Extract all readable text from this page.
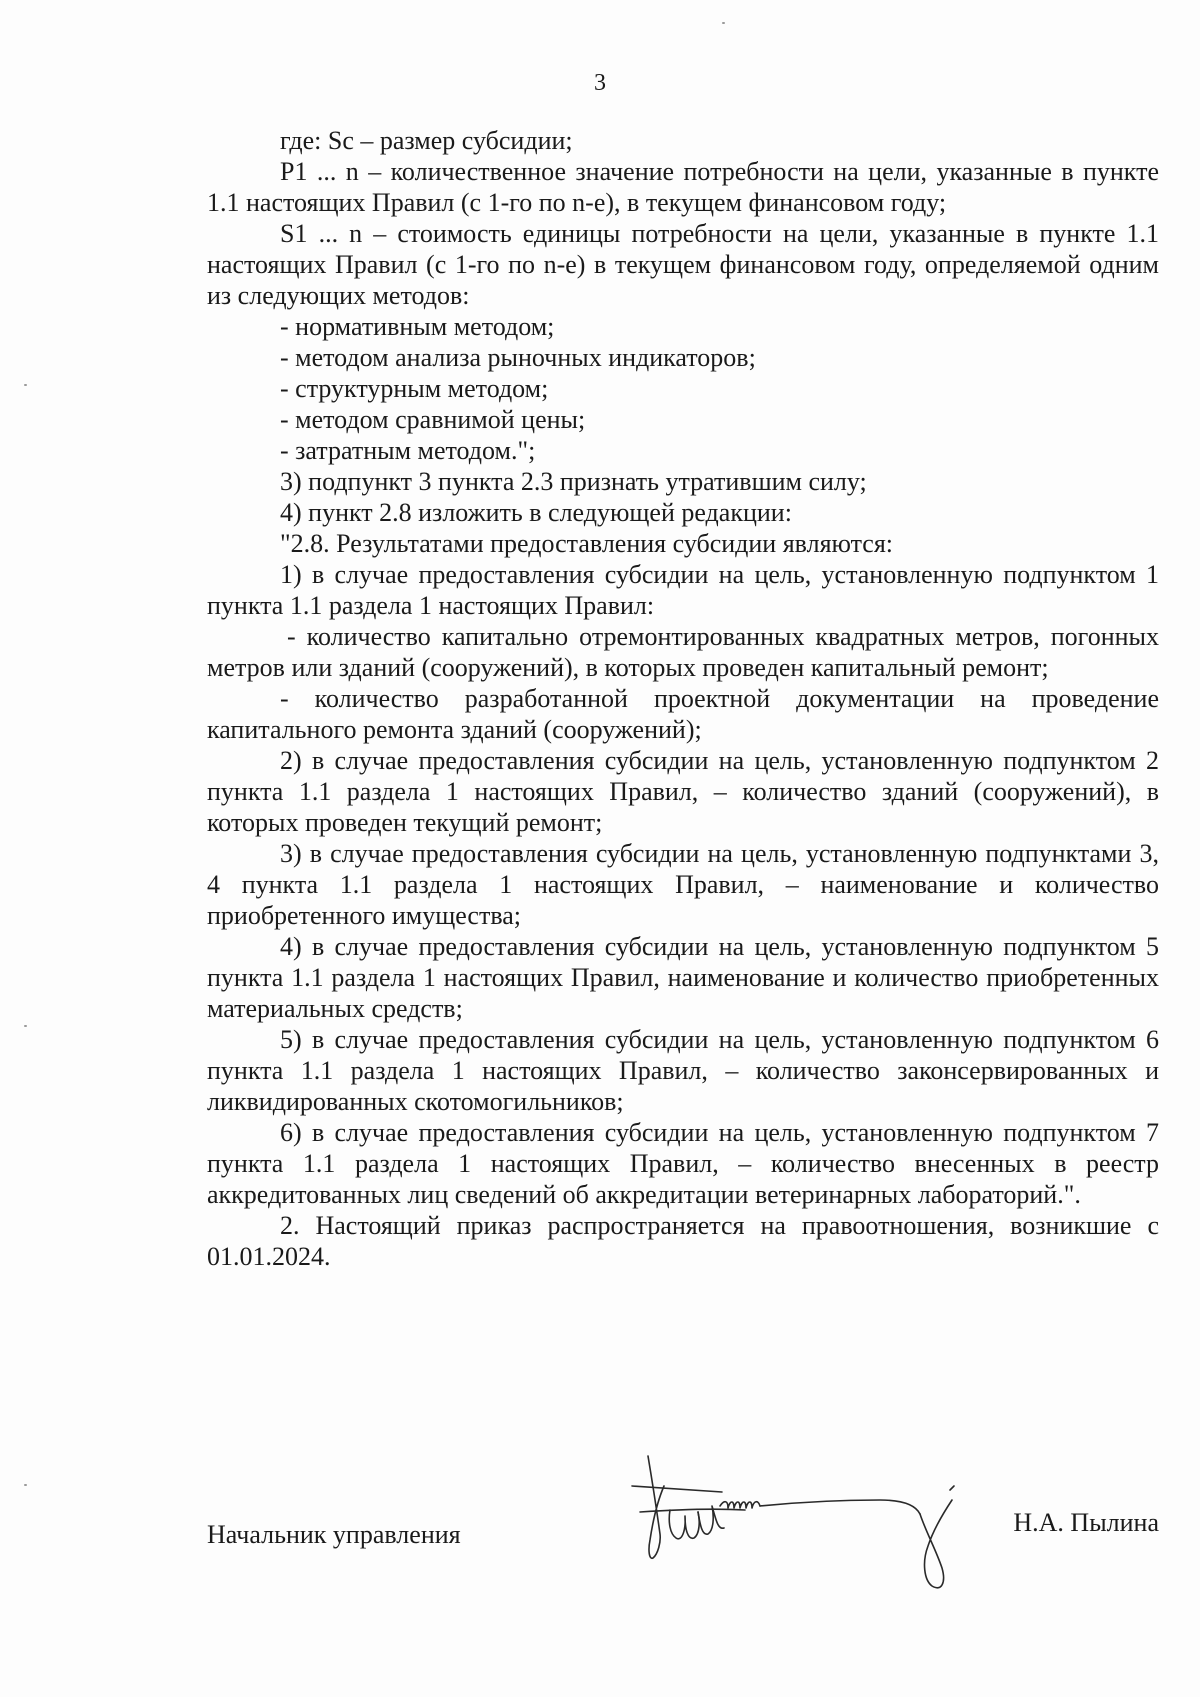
3

где: Sc – размер субсидии;

P1 ... n – количественное значение потребности на цели, указанные в пункте 1.1 настоящих Правил (с 1-го по n-е), в текущем финансовом году;

S1 ... n – стоимость единицы потребности на цели, указанные в пункте 1.1 настоящих Правил (с 1-го по n-е) в текущем финансовом году, определяемой одним из следующих методов:

- нормативным методом;

- методом анализа рыночных индикаторов;

- структурным методом;

- методом сравнимой цены;

- затратным методом.";

3) подпункт 3 пункта 2.3 признать утратившим силу;

4) пункт 2.8 изложить в следующей редакции:

"2.8. Результатами предоставления субсидии являются:

1) в случае предоставления субсидии на цель, установленную подпунктом 1 пункта 1.1 раздела 1 настоящих Правил:

- количество капитально отремонтированных квадратных метров, погонных метров или зданий (сооружений), в которых проведен капитальный ремонт;

- количество разработанной проектной документации на проведение капитального ремонта зданий (сооружений);

2) в случае предоставления субсидии на цель, установленную подпунктом 2 пункта 1.1 раздела 1 настоящих Правил, – количество зданий (сооружений), в которых проведен текущий ремонт;

3) в случае предоставления субсидии на цель, установленную подпунктами 3, 4 пункта 1.1 раздела 1 настоящих Правил, – наименование и количество приобретенного имущества;

4) в случае предоставления субсидии на цель, установленную подпунктом 5 пункта 1.1 раздела 1 настоящих Правил, наименование и количество приобретенных материальных средств;

5) в случае предоставления субсидии на цель, установленную подпунктом 6 пункта 1.1 раздела 1 настоящих Правил, – количество законсервированных и ликвидированных скотомогильников;

6) в случае предоставления субсидии на цель, установленную подпунктом 7 пункта 1.1 раздела 1 настоящих Правил, – количество внесенных в реестр аккредитованных лиц сведений об аккредитации ветеринарных лабораторий.".

2. Настоящий приказ распространяется на правоотношения, возникшие с 01.01.2024.

Начальник управления	Н.А. Пылина
